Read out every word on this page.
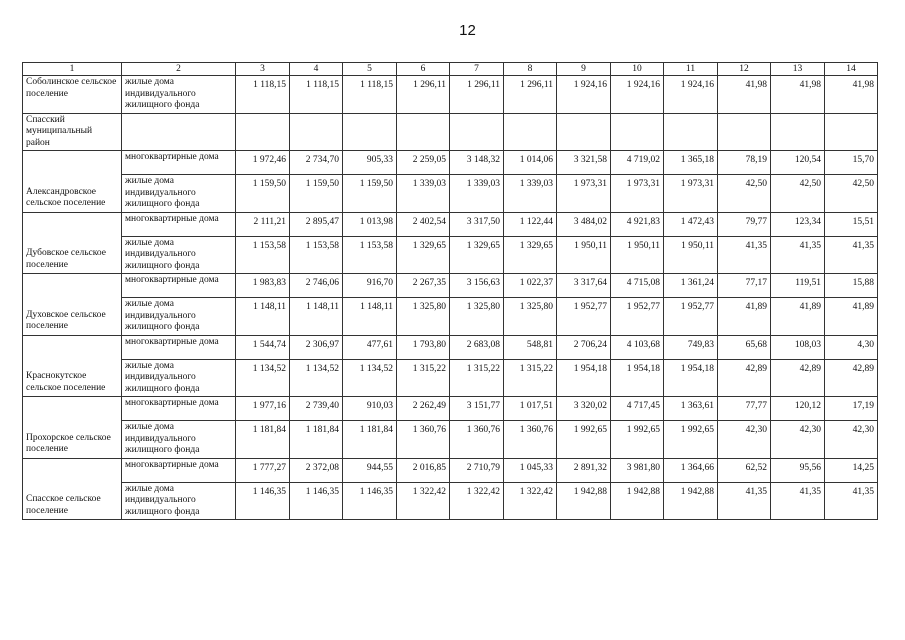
12
1	2	3	4	5	6	7	8	9	10	11	12	13	14
Соболинское сельское поселение	жилые дома индивидуального жилищного фонда	1 118,15	1 118,15	1 118,15	1 296,11	1 296,11	1 296,11	1 924,16	1 924,16	1 924,16	41,98	41,98	41,98
Спасский муниципальный район													
Александровское сельское поселение	многоквартирные дома	1 972,46	2 734,70	905,33	2 259,05	3 148,32	1 014,06	3 321,58	4 719,02	1 365,18	78,19	120,54	15,70
	жилые дома индивидуального жилищного фонда	1 159,50	1 159,50	1 159,50	1 339,03	1 339,03	1 339,03	1 973,31	1 973,31	1 973,31	42,50	42,50	42,50
Дубовское сельское поселение	многоквартирные дома	2 111,21	2 895,47	1 013,98	2 402,54	3 317,50	1 122,44	3 484,02	4 921,83	1 472,43	79,77	123,34	15,51
	жилые дома индивидуального жилищного фонда	1 153,58	1 153,58	1 153,58	1 329,65	1 329,65	1 329,65	1 950,11	1 950,11	1 950,11	41,35	41,35	41,35
Духовское сельское поселение	многоквартирные дома	1 983,83	2 746,06	916,70	2 267,35	3 156,63	1 022,37	3 317,64	4 715,08	1 361,24	77,17	119,51	15,88
	жилые дома индивидуального жилищного фонда	1 148,11	1 148,11	1 148,11	1 325,80	1 325,80	1 325,80	1 952,77	1 952,77	1 952,77	41,89	41,89	41,89
Краснокутское сельское поселение	многоквартирные дома	1 544,74	2 306,97	477,61	1 793,80	2 683,08	548,81	2 706,24	4 103,68	749,83	65,68	108,03	4,30
	жилые дома индивидуального жилищного фонда	1 134,52	1 134,52	1 134,52	1 315,22	1 315,22	1 315,22	1 954,18	1 954,18	1 954,18	42,89	42,89	42,89
Прохорское сельское поселение	многоквартирные дома	1 977,16	2 739,40	910,03	2 262,49	3 151,77	1 017,51	3 320,02	4 717,45	1 363,61	77,77	120,12	17,19
	жилые дома индивидуального жилищного фонда	1 181,84	1 181,84	1 181,84	1 360,76	1 360,76	1 360,76	1 992,65	1 992,65	1 992,65	42,30	42,30	42,30
Спасское сельское поселение	многоквартирные дома	1 777,27	2 372,08	944,55	2 016,85	2 710,79	1 045,33	2 891,32	3 981,80	1 364,66	62,52	95,56	14,25
	жилые дома индивидуального жилищного фонда	1 146,35	1 146,35	1 146,35	1 322,42	1 322,42	1 322,42	1 942,88	1 942,88	1 942,88	41,35	41,35	41,35
